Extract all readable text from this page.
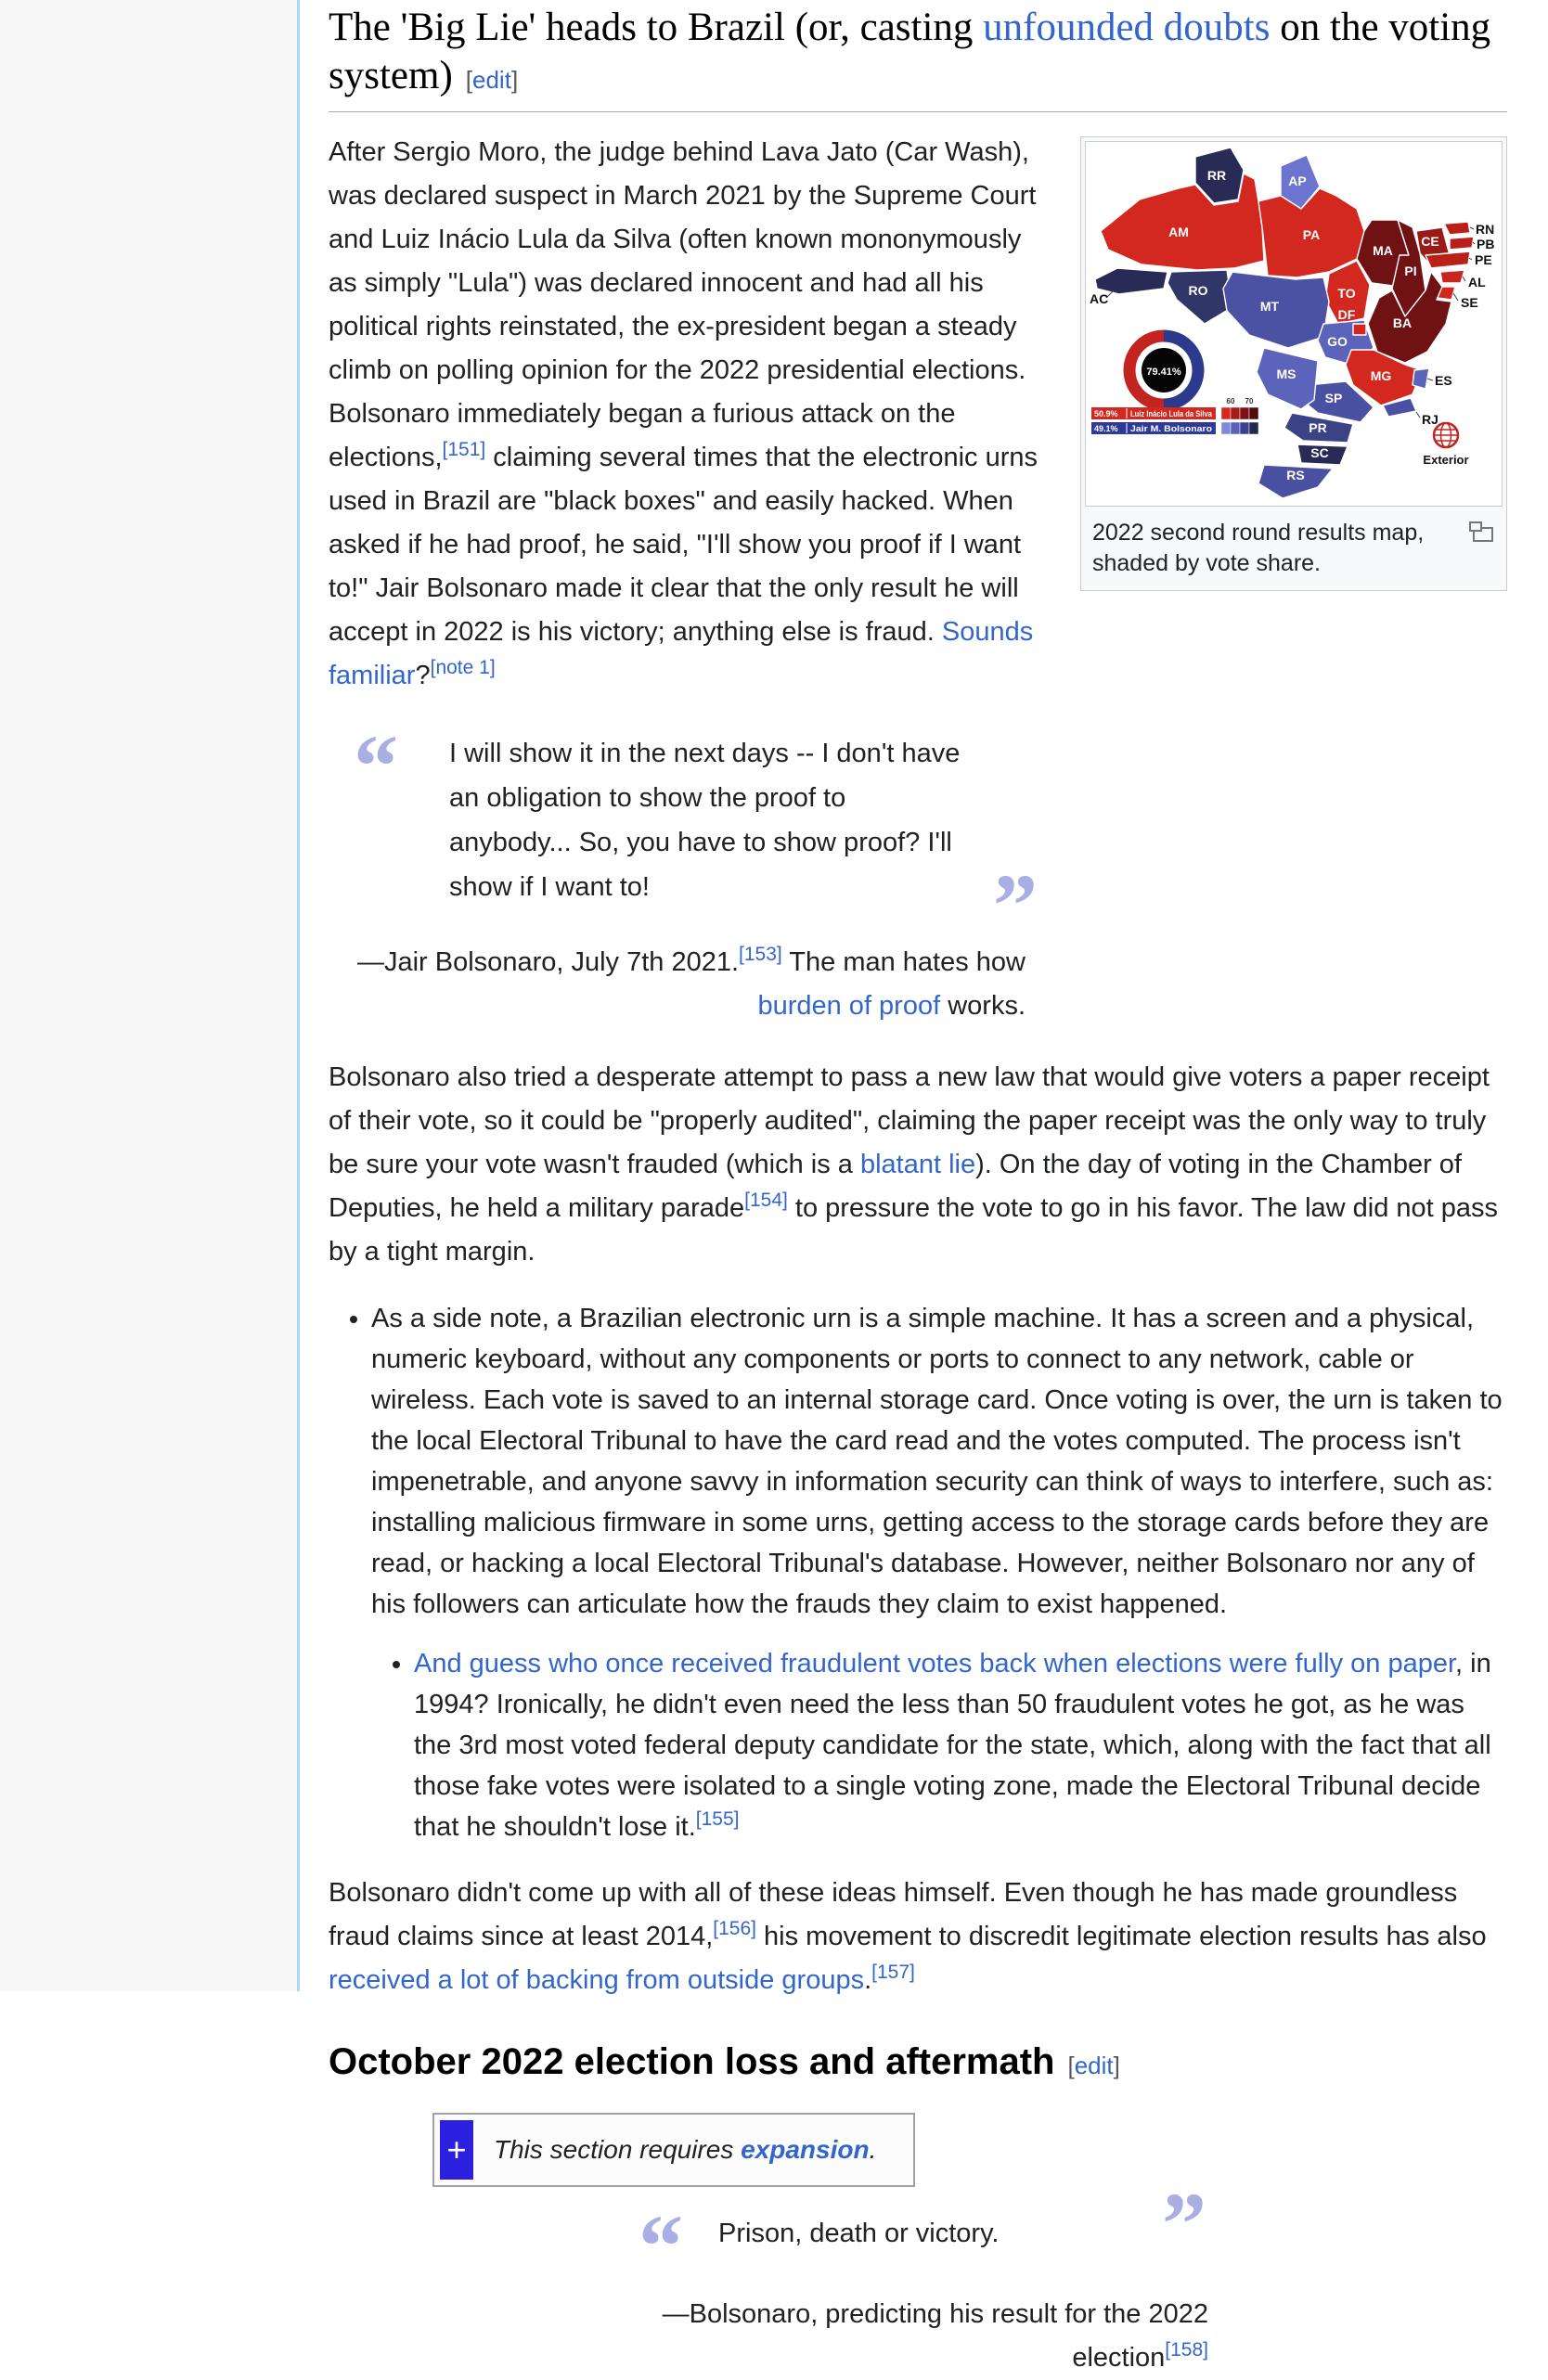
The 'Big Lie' heads to Brazil (or, casting unfounded doubts on the voting system) [edit]
RR	AP
AM
RO
PA
MA
PI
CE
BA
TO
MT
GO
DF
MG
SP
MS
PR
SC
RS
RN
PB
PE
AL
SE
AC
ES
RJ
79.41%
50.9% Luiz Inácio Lula da Silva
49.1% Jair M. Bolsonaro
60 70
Exterior
2022 second round results map, shaded by vote share.

After Sergio Moro, the judge behind Lava Jato (Car Wash), was declared suspect in March 2021 by the Supreme Court and Luiz Inácio Lula da Silva (often known mononymously as simply "Lula") was declared innocent and had all his political rights reinstated, the ex-president began a steady climb on polling opinion for the 2022 presidential elections. Bolsonaro immediately began a furious attack on the elections,[151] claiming several times that the electronic urns used in Brazil are "black boxes" and easily hacked. When asked if he had proof, he said, "I'll show you proof if I want to!" Jair Bolsonaro made it clear that the only result he will accept in 2022 is his victory; anything else is fraud. Sounds familiar?[note 1]

“ I will show it in the next days -- I don't have an obligation to show the proof to anybody... So, you have to show proof? I'll show if I want to!	”
—Jair Bolsonaro, July 7th 2021.[153] The man hates how burden of proof works.

Bolsonaro also tried a desperate attempt to pass a new law that would give voters a paper receipt of their vote, so it could be "properly audited", claiming the paper receipt was the only way to truly be sure your vote wasn't frauded (which is a blatant lie). On the day of voting in the Chamber of Deputies, he held a military parade[154] to pressure the vote to go in his favor. The law did not pass by a tight margin.

• As a side note, a Brazilian electronic urn is a simple machine. It has a screen and a physical, numeric keyboard, without any components or ports to connect to any network, cable or wireless. Each vote is saved to an internal storage card. Once voting is over, the urn is taken to the local Electoral Tribunal to have the card read and the votes computed. The process isn't impenetrable, and anyone savvy in information security can think of ways to interfere, such as: installing malicious firmware in some urns, getting access to the storage cards before they are read, or hacking a local Electoral Tribunal's database. However, neither Bolsonaro nor any of his followers can articulate how the frauds they claim to exist happened.
• And guess who once received fraudulent votes back when elections were fully on paper, in 1994? Ironically, he didn't even need the less than 50 fraudulent votes he got, as he was the 3rd most voted federal deputy candidate for the state, which, along with the fact that all those fake votes were isolated to a single voting zone, made the Electoral Tribunal decide that he shouldn't lose it.[155]

Bolsonaro didn't come up with all of these ideas himself. Even though he has made groundless fraud claims since at least 2014,[156] his movement to discredit legitimate election results has also received a lot of backing from outside groups.[157]

October 2022 election loss and aftermath [edit]
+ This section requires expansion.
“ Prison, death or victory. ”
—Bolsonaro, predicting his result for the 2022 election[158]
